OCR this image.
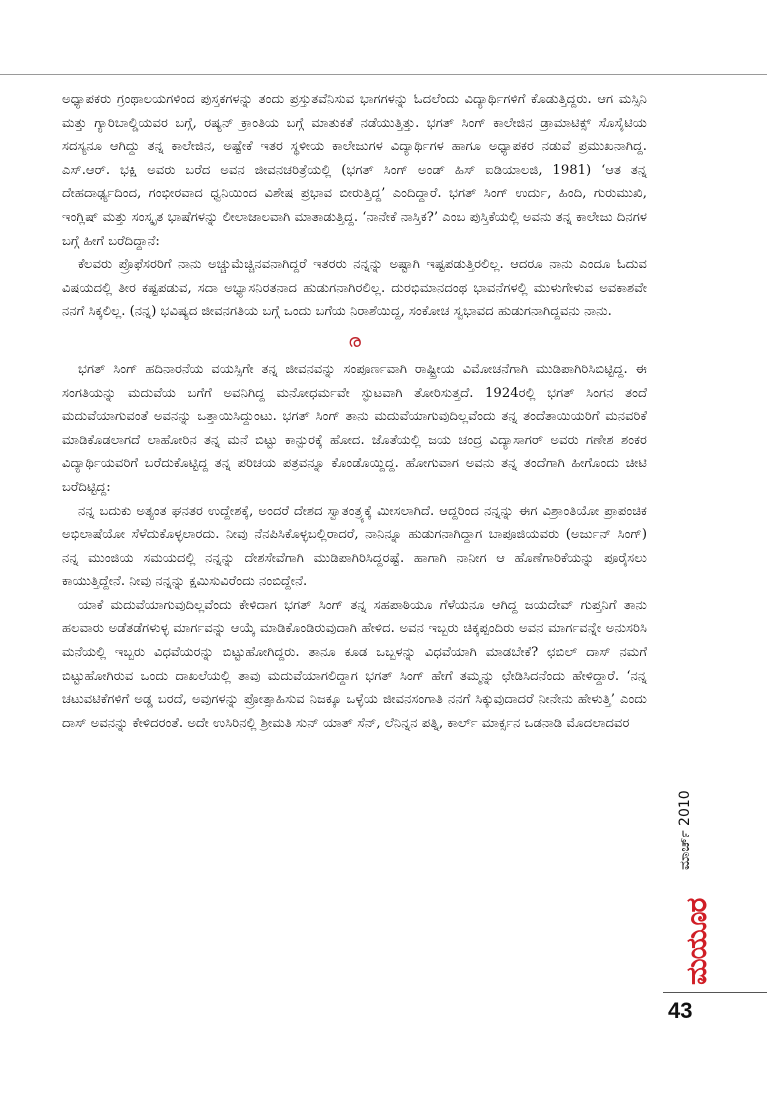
ಅಧ್ಯಾಪಕರು ಗ್ರಂಥಾಲಯಗಳಿಂದ ಪುಸ್ತಕಗಳನ್ನು ತಂದು ಪ್ರಸ್ತುತವೆನಿಸುವ ಭಾಗಗಳನ್ನು ಓದಲೆಂದು ವಿದ್ಯಾರ್ಥಿಗಳಿಗೆ ಕೊಡುತ್ತಿದ್ದರು. ಆಗ ಮಸ್ಸಿನಿ ಮತ್ತು ಗ್ಯಾರಿಬಾಲ್ಡಿಯವರ ಬಗ್ಗೆ, ರಷ್ಯನ್ ಕ್ರಾಂತಿಯ ಬಗ್ಗೆ ಮಾತುಕತೆ ನಡೆಯುತ್ತಿತ್ತು. ಭಗತ್ ಸಿಂಗ್ ಕಾಲೇಜಿನ ಡ್ರಾಮಾಟಿಕ್ಸ್ ಸೊಸೈಟಿಯ ಸದಸ್ಯನೂ ಆಗಿದ್ದು ತನ್ನ ಕಾಲೇಜಿನ, ಅಷ್ಟೇಕೆ ಇತರ ಸ್ಥಳೀಯ ಕಾಲೇಜುಗಳ ವಿದ್ಯಾರ್ಥಿಗಳ ಹಾಗೂ ಅಧ್ಯಾಪಕರ ನಡುವೆ ಪ್ರಮುಖನಾಗಿದ್ದ. ಎಸ್.ಆರ್. ಭಕ್ಷಿ ಅವರು ಬರೆದ ಅವನ ಜೀವನಚರಿತ್ರೆಯಲ್ಲಿ (ಭಗತ್ ಸಿಂಗ್ ಅಂಡ್ ಹಿಸ್ ಐಡಿಯಾಲಜಿ, 1981) ‘ಆತ ತನ್ನ ದೇಹದಾರ್ಢ್ಯದಿಂದ, ಗಂಭೀರವಾದ ಧ್ವನಿಯಿಂದ ವಿಶೇಷ ಪ್ರಭಾವ ಬೀರುತ್ತಿದ್ದ’ ಎಂದಿದ್ದಾರೆ. ಭಗತ್ ಸಿಂಗ್ ಉರ್ದು, ಹಿಂದಿ, ಗುರುಮುಖಿ, ಇಂಗ್ಲಿಷ್ ಮತ್ತು ಸಂಸ್ಕೃತ ಭಾಷೆಗಳನ್ನು ಲೀಲಾಜಾಲವಾಗಿ ಮಾತಾಡುತ್ತಿದ್ದ. ‘ನಾನೇಕೆ ನಾಸ್ತಿಕ?’ ಎಂಬ ಪುಸ್ತಿಕೆಯಲ್ಲಿ ಅವನು ತನ್ನ ಕಾಲೇಜು ದಿನಗಳ ಬಗ್ಗೆ ಹೀಗೆ ಬರೆದಿದ್ದಾನೆ:

ಕೆಲವರು ಪ್ರೊಫೆಸರರಿಗೆ ನಾನು ಅಚ್ಚುಮೆಚ್ಚಿನವನಾಗಿದ್ದರೆ ಇತರರು ನನ್ನನ್ನು ಅಷ್ಟಾಗಿ ಇಷ್ಟಪಡುತ್ತಿರಲಿಲ್ಲ. ಆದರೂ ನಾನು ಎಂದೂ ಓದುವ ವಿಷಯದಲ್ಲಿ ತೀರ ಕಷ್ಟಪಡುವ, ಸದಾ ಅಭ್ಯಾಸನಿರತನಾದ ಹುಡುಗನಾಗಿರಲಿಲ್ಲ. ದುರಭಿಮಾನದಂಥ ಭಾವನೆಗಳಲ್ಲಿ ಮುಳುಗೇಳುವ ಅವಕಾಶವೇ ನನಗೆ ಸಿಕ್ಕಲಿಲ್ಲ. (ನನ್ನ) ಭವಿಷ್ಯದ ಜೀವನಗತಿಯ ಬಗ್ಗೆ ಒಂದು ಬಗೆಯ ನಿರಾಶೆಯಿದ್ದ, ಸಂಕೋಚ ಸ್ವಭಾವದ ಹುಡುಗನಾಗಿದ್ದವನು ನಾನು.

ര

ಭಗತ್ ಸಿಂಗ್ ಹದಿನಾರನೆಯ ವಯಸ್ಸಿಗೇ ತನ್ನ ಜೀವನವನ್ನು ಸಂಪೂರ್ಣವಾಗಿ ರಾಷ್ಟ್ರೀಯ ವಿಮೋಚನೆಗಾಗಿ ಮುಡಿಪಾಗಿರಿಸಿಬಿಟ್ಟಿದ್ದ. ಈ ಸಂಗತಿಯನ್ನು ಮದುವೆಯ ಬಗೆಗೆ ಅವನಿಗಿದ್ದ ಮನೋಧರ್ಮವೇ ಸ್ಫುಟವಾಗಿ ತೋರಿಸುತ್ತದೆ. 1924ರಲ್ಲಿ ಭಗತ್ ಸಿಂಗನ ತಂದೆ ಮದುವೆಯಾಗುವಂತೆ ಅವನನ್ನು ಒತ್ತಾಯಿಸಿದ್ದುಂಟು. ಭಗತ್ ಸಿಂಗ್ ತಾನು ಮದುವೆಯಾಗುವುದಿಲ್ಲವೆಂದು ತನ್ನ ತಂದೆತಾಯಿಯರಿಗೆ ಮನವರಿಕೆ ಮಾಡಿಕೊಡಲಾಗದೆ ಲಾಹೋರಿನ ತನ್ನ ಮನೆ ಬಿಟ್ಟು ಕಾನ್ಪುರಕ್ಕೆ ಹೋದ. ಜೊತೆಯಲ್ಲಿ ಜಯ ಚಂದ್ರ ವಿದ್ಯಾಸಾಗರ್ ಅವರು ಗಣೇಶ ಶಂಕರ ವಿದ್ಯಾರ್ಥಿಯವರಿಗೆ ಬರೆದುಕೊಟ್ಟಿದ್ದ ತನ್ನ ಪರಿಚಯ ಪತ್ರವನ್ನೂ ಕೊಂಡೊಯ್ದಿದ್ದ. ಹೋಗುವಾಗ ಅವನು ತನ್ನ ತಂದೆಗಾಗಿ ಹೀಗೊಂದು ಚೀಟಿ ಬರೆದಿಟ್ಟಿದ್ದ:

ನನ್ನ ಬದುಕು ಅತ್ಯಂತ ಘನತರ ಉದ್ದೇಶಕ್ಕೆ, ಅಂದರೆ ದೇಶದ ಸ್ವಾತಂತ್ರ್ಯಕ್ಕೆ ಮೀಸಲಾಗಿದೆ. ಆದ್ದರಿಂದ ನನ್ನನ್ನು ಈಗ ವಿಶ್ರಾಂತಿಯೋ ಪ್ರಾಪಂಚಿಕ ಅಭಿಲಾಷೆಯೋ ಸೆಳೆದುಕೊಳ್ಳಲಾರದು. ನೀವು ನೆನಪಿಸಿಕೊಳ್ಳಬಲ್ಲಿರಾದರೆ, ನಾನಿನ್ನೂ ಹುಡುಗನಾಗಿದ್ದಾಗ ಬಾಪೂಜಿಯವರು (ಅರ್ಜುನ್ ಸಿಂಗ್) ನನ್ನ ಮುಂಜಿಯ ಸಮಯದಲ್ಲಿ ನನ್ನನ್ನು ದೇಶಸೇವೆಗಾಗಿ ಮುಡಿಪಾಗಿರಿಸಿದ್ದರಷ್ಟೆ. ಹಾಗಾಗಿ ನಾನೀಗ ಆ ಹೊಣೆಗಾರಿಕೆಯನ್ನು ಪೂರೈಸಲು ಕಾಯುತ್ತಿದ್ದೇನೆ. ನೀವು ನನ್ನನ್ನು ಕ್ಷಮಿಸುವಿರೆಂದು ನಂಬಿದ್ದೇನೆ.

ಯಾಕೆ ಮದುವೆಯಾಗುವುದಿಲ್ಲವೆಂದು ಕೇಳಿದಾಗ ಭಗತ್ ಸಿಂಗ್ ತನ್ನ ಸಹಪಾಠಿಯೂ ಗೆಳೆಯನೂ ಆಗಿದ್ದ ಜಯದೇವ್ ಗುಪ್ತನಿಗೆ ತಾನು ಹಲವಾರು ಅಡೆತಡೆಗಳುಳ್ಳ ಮಾರ್ಗವನ್ನು ಆಯ್ಕೆ ಮಾಡಿಕೊಂಡಿರುವುದಾಗಿ ಹೇಳಿದ. ಅವನ ಇಬ್ಬರು ಚಿಕ್ಕಪ್ಪಂದಿರು ಅವನ ಮಾರ್ಗವನ್ನೇ ಅನುಸರಿಸಿ ಮನೆಯಲ್ಲಿ ಇಬ್ಬರು ವಿಧವೆಯರನ್ನು ಬಿಟ್ಟುಹೋಗಿದ್ದರು. ತಾನೂ ಕೂಡ ಒಬ್ಬಳನ್ನು ವಿಧವೆಯಾಗಿ ಮಾಡಬೇಕೆ? ಛಬಿಲ್ ದಾಸ್ ನಮಗೆ ಬಿಟ್ಟುಹೋಗಿರುವ ಒಂದು ದಾಖಲೆಯಲ್ಲಿ ತಾವು ಮದುವೆಯಾಗಲಿದ್ದಾಗ ಭಗತ್ ಸಿಂಗ್ ಹೇಗೆ ತಮ್ಮನ್ನು ಛೇಡಿಸಿದನೆಂದು ಹೇಳಿದ್ದಾರೆ. ‘ನನ್ನ ಚಟುವಟಿಕೆಗಳಿಗೆ ಅಡ್ಡ ಬರದೆ, ಅವುಗಳನ್ನು ಪ್ರೋತ್ಸಾಹಿಸುವ ನಿಜಕ್ಕೂ ಒಳ್ಳೆಯ ಜೀವನಸಂಗಾತಿ ನನಗೆ ಸಿಕ್ಕುವುದಾದರೆ ನೀನೇನು ಹೇಳುತ್ತಿ’ ಎಂದು ದಾಸ್ ಅವನನ್ನು ಕೇಳಿದರಂತೆ. ಅದೇ ಉಸಿರಿನಲ್ಲಿ ಶ್ರೀಮತಿ ಸುನ್ ಯಾತ್ ಸೆನ್, ಲೆನಿನ್ನನ ಪತ್ನಿ, ಕಾರ್ಲ್ ಮಾರ್ಕ್ಸನ ಒಡನಾಡಿ ಮೊದಲಾದವರ

ಮಾರ್ಚ್ 2010
ಮಯೂರ
43
